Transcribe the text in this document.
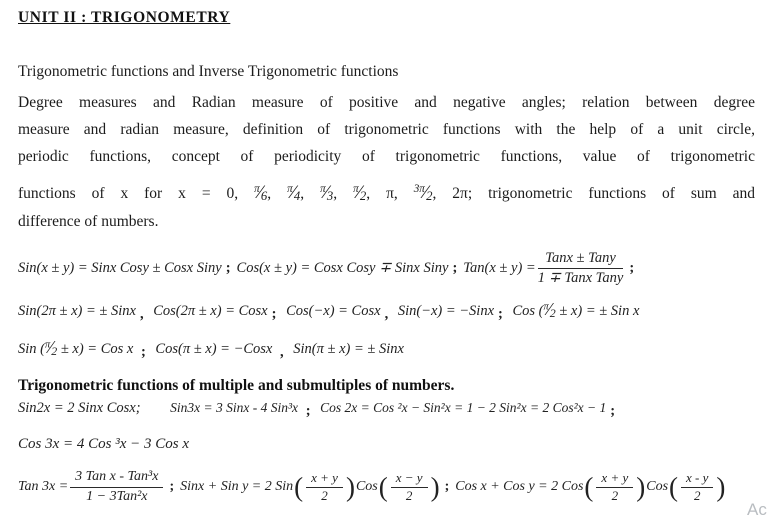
UNIT II : TRIGONOMETRY
Trigonometric functions and Inverse Trigonometric functions
Degree measures and Radian measure of positive and negative angles; relation between degree
measure and radian measure, definition of trigonometric functions with the help of a unit circle,
periodic functions, concept of periodicity of trigonometric functions, value of trigonometric
functions of x for x = 0, $^\pi⁄_6$, $^\pi⁄_4$, $^\pi⁄_3$, $^\pi⁄_2$, π, $^{3\pi}⁄_2$, 2π; trigonometric functions of sum and
difference of numbers.
Sin(x ± y) = Sinx Cosy ± Cosx Siny ; Cos(x ± y) = Cosx Cosy ∓ Sinx Siny ; $Tan(x \pm y) = \frac{\text{Tanx ± Tany}}{\text{1 ∓ Tanx Tany}}$ ;
Sin(2π ± x) = ± Sinx , Cos(2π ± x) = Cosx ; Cos(−x) = Cosx , Sin(−x) = −Sinx ; Cos $(^\pi⁄_2 \pm x)$ = ± Sin x
Sin $(^\pi⁄_2 \pm x)$ = Cos x ; Cos(π ± x) = −Cosx , Sin(π ± x) = ± Sinx
Trigonometric functions of multiple and submultiples of numbers.
Sin2x = 2 Sinx Cosx; Sin3x = 3 Sinx - 4 Sin³x ; Cos 2x = Cos ²x − Sin²x = 1 − 2 Sin²x = 2 Cos²x − 1 ;
Cos 3x = 4 Cos ³x − 3 Cos x
Tan $3x = \frac{\text{3 Tan x - Tan³x}}{\text{1 − 3Tan²x}}$ ; Sinx + Sin y = 2 Sin ( $\frac{x + y}{2}$ ) Cos ( $\frac{x - y}{2}$ ) ; Cos x + Cos y = 2 Cos ( $\frac{x + y}{2}$ ) Cos ( $\frac{x - y}{2}$ )
Ac
